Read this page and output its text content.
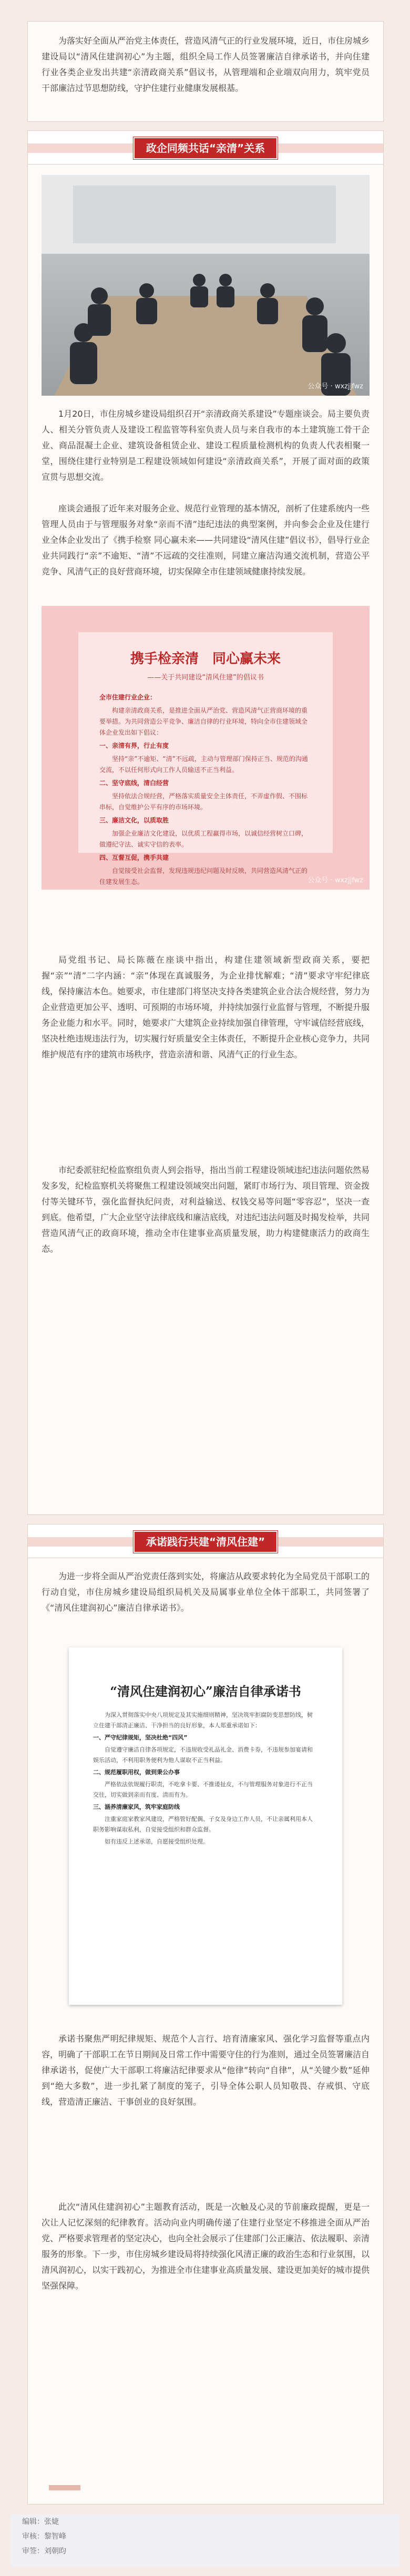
为落实好全面从严治党主体责任，营造风清气正的行业发展环境，近日，市住房城乡建设局以“清风住建润初心”为主题，组织全局工作人员签署廉洁自律承诺书，并向住建行业各类企业发出共建“亲清政商关系”倡议书，从管理端和企业端双向用力，筑牢党员干部廉洁过节思想防线，守护住建行业健康发展根基。

政企同频共话“亲清”关系
公众号 · wxzjjfwz

1月20日，市住房城乡建设局组织召开“亲清政商关系建设”专题座谈会。局主要负责人、相关分管负责人及建设工程监管等科室负责人员与来自我市的本土建筑施工骨干企业、商品混凝土企业、建筑设备租赁企业、建设工程质量检测机构的负责人代表相聚一堂，围绕住建行业特别是工程建设领域如何建设“亲清政商关系”，开展了面对面的政策宣贯与思想交流。

座谈会通报了近年来对服务企业、规范行业管理的基本情况，剖析了住建系统内一些管理人员由于与管理服务对象“亲而不清”违纪违法的典型案例，并向参会企业及住建行业全体企业发出了《携手检察 同心赢未来——共同建设“清风住建”倡议书》，倡导行业企业共同践行“亲”不逾矩、“清”不远疏的交往准则，同建立廉洁沟通交流机制，营造公平竞争、风清气正的良好营商环境，切实保障全市住建领域健康持续发展。

携手检亲清　同心赢未来
——关于共同建设“清风住建”的倡议书

全市住建行业企业：

构建亲清政商关系，是推进全面从严治党、营造风清气正营商环境的重要举措。为共同营造公平竞争、廉洁自律的行业环境，特向全市住建领域全体企业发出如下倡议：

一、亲清有界，行止有度

坚持“亲”不逾矩、“清”不远疏，主动与管理部门保持正当、规范的沟通交流，不以任何形式向工作人员输送不正当利益。

二、坚守底线，清白经营

坚持依法合规经营，严格落实质量安全主体责任，不弄虚作假、不围标串标，自觉维护公平有序的市场环境。

三、廉洁文化，以质取胜

加强企业廉洁文化建设，以优质工程赢得市场，以诚信经营树立口碑，做遵纪守法、诚实守信的表率。

四、互督互促，携手共建

自觉接受社会监督，发现违规违纪问题及时反映，共同营造风清气正的住建发展生态。	公众号 · wxzjjfwz

局党组书记、局长陈薇在座谈中指出，构建住建领域新型政商关系，要把握“亲”“清”二字内涵：“亲”体现在真诚服务，为企业排忧解难；“清”要求守牢纪律底线，保持廉洁本色。她要求，市住建部门将坚决支持各类建筑企业合法合规经营，努力为企业营造更加公平、透明、可预期的市场环境，并持续加强行业监督与管理，不断提升服务企业能力和水平。同时，她要求广大建筑企业持续加强自律管理，守牢诚信经营底线，坚决杜绝违规违法行为，切实履行好质量安全主体责任，不断提升企业核心竞争力，共同维护规范有序的建筑市场秩序，营造亲清和谐、风清气正的行业生态。

市纪委派驻纪检监察组负责人到会指导，指出当前工程建设领域违纪违法问题依然易发多发，纪检监察机关将聚焦工程建设领域突出问题，紧盯市场行为、项目管理、资金拨付等关键环节，强化监督执纪问责，对利益输送、权钱交易等问题“零容忍”，坚决一查到底。他希望，广大企业坚守法律底线和廉洁底线，对违纪违法问题及时揭发检举，共同营造风清气正的政商环境，推动全市住建事业高质量发展，助力构建健康活力的政商生态。

承诺践行共建“清风住建”

为进一步将全面从严治党责任落到实处，将廉洁从政要求转化为全局党员干部职工的行动自觉，市住房城乡建设局组织局机关及局属事业单位全体干部职工，共同签署了《“清风住建润初心”廉洁自律承诺书》。

“清风住建润初心”廉洁自律承诺书

为深入贯彻落实中央八项规定及其实施细则精神，坚决筑牢拒腐防变思想防线，树立住建干部清正廉洁、干净担当的良好形象，本人郑重承诺如下：

一、严守纪律规矩，坚决杜绝“四风”

自觉遵守廉洁自律各项规定，不违规收受礼品礼金、消费卡券，不违规参加宴请和娱乐活动，不利用职务便利为他人谋取不正当利益。

二、规范履职用权，做到秉公办事

严格依法依规履行职责，不吃拿卡要、不推诿扯皮，不与管理服务对象进行不正当交往，切实做到亲而有度、清而有为。

三、涵养清廉家风，筑牢家庭防线

注重家庭家教家风建设，严格管好配偶、子女及身边工作人员，不让亲属利用本人职务影响谋取私利，自觉接受组织和群众监督。

如有违反上述承诺，自愿接受组织处理。

承诺书聚焦严明纪律规矩、规范个人言行、培育清廉家风、强化学习监督等重点内容，明确了干部职工在节日期间及日常工作中需要守住的行为准则，通过全员签署廉洁自律承诺书，促使广大干部职工将廉洁纪律要求从“他律”转向“自律”，从“关键少数”延伸到“绝大多数”，进一步扎紧了制度的笼子，引导全体公职人员知敬畏、存戒惧、守底线，营造清正廉洁、干事创业的良好氛围。

此次“清风住建润初心”主题教育活动，既是一次触及心灵的节前廉政提醒，更是一次让人记忆深刻的纪律教育。活动向业内明确传递了住建行业坚定不移推进全面从严治党、严格要求管理者的坚定决心，也向全社会展示了住建部门公正廉洁、依法履职、亲清服务的形象。下一步，市住房城乡建设局将持续强化风清正廉的政治生态和行业氛围，以清风润初心，以实干践初心，为推进全市住建事业高质量发展、建设更加美好的城市提供坚强保障。

编辑：张婕
审核：黎智峰
审签：刘朝昀
